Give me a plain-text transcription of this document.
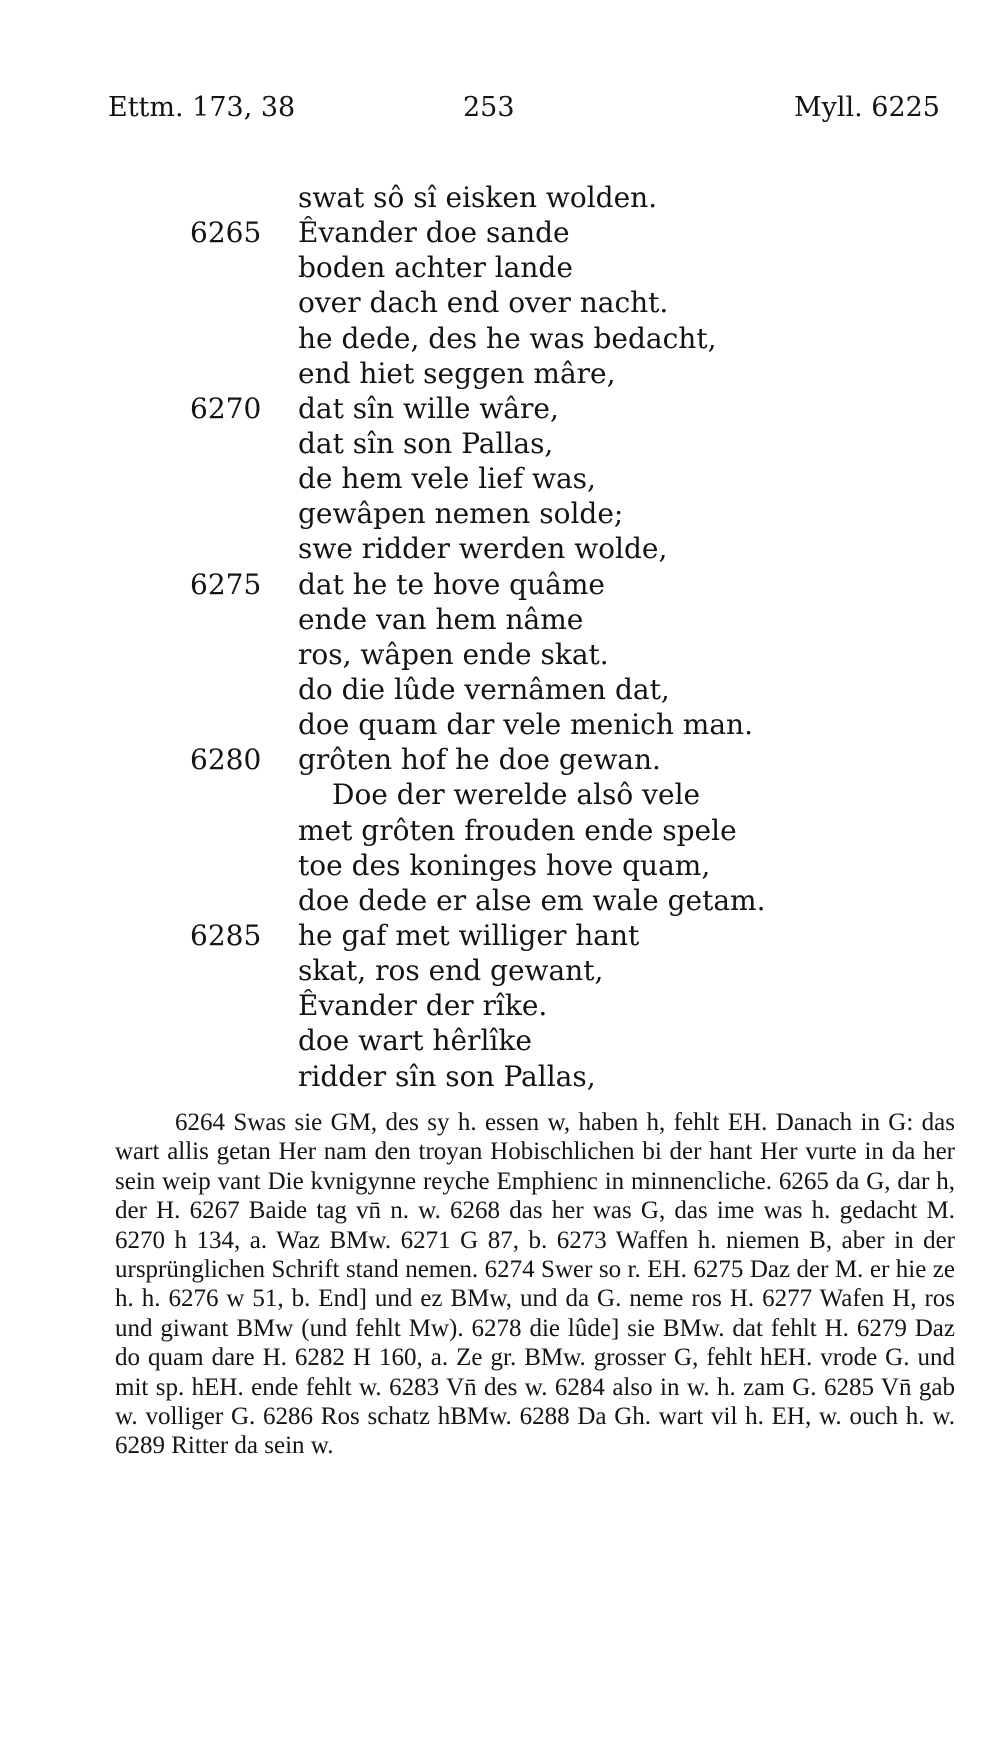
Ettm. 173, 38	253	Myll. 6225
swat sô sî eisken wolden.
6265	Êvander doe sande
boden achter lande
over dach end over nacht.
he dede, des he was bedacht,
end hiet seggen mâre,
6270	dat sîn wille wâre,
dat sîn son Pallas,
de hem vele lief was,
gewâpen nemen solde;
swe ridder werden wolde,
6275	dat he te hove quâme
ende van hem nâme
ros, wâpen ende skat.
do die lûde vernâmen dat,
doe quam dar vele menich man.
6280	grôten hof he doe gewan.
Doe der werelde alsô vele
met grôten frouden ende spele
toe des koninges hove quam,
doe dede er alse em wale getam.
6285	he gaf met williger hant
skat, ros end gewant,
Êvander der rîke.
doe wart hêrlîke
ridder sîn son Pallas,

6264 Swas sie GM, des sy h. essen w, haben h, fehlt EH. Danach in G: das wart allis getan Her nam den troyan Hobischlichen bi der hant Her vurte in da her sein weip vant Die kvnigynne reyche Emphienc in minnencliche. 6265 da G, dar h, der H. 6267 Baide tag vn̄ n. w. 6268 das her was G, das ime was h. gedacht M. 6270 h 134, a. Waz BMw. 6271 G 87, b. 6273 Waffen h. niemen B, aber in der ursprünglichen Schrift stand nemen. 6274 Swer so r. EH. 6275 Daz der M. er hie ze h. h. 6276 w 51, b. End] und ez BMw, und da G. neme ros H. 6277 Wafen H, ros und giwant BMw (und fehlt Mw). 6278 die lûde] sie BMw. dat fehlt H. 6279 Daz do quam dare H. 6282 H 160, a. Ze gr. BMw. grosser G, fehlt hEH. vrode G. und mit sp. hEH. ende fehlt w. 6283 Vn̄ des w. 6284 also in w. h. zam G. 6285 Vn̄ gab w. volliger G. 6286 Ros schatz hBMw. 6288 Da Gh. wart vil h. EH, w. ouch h. w. 6289 Ritter da sein w.
